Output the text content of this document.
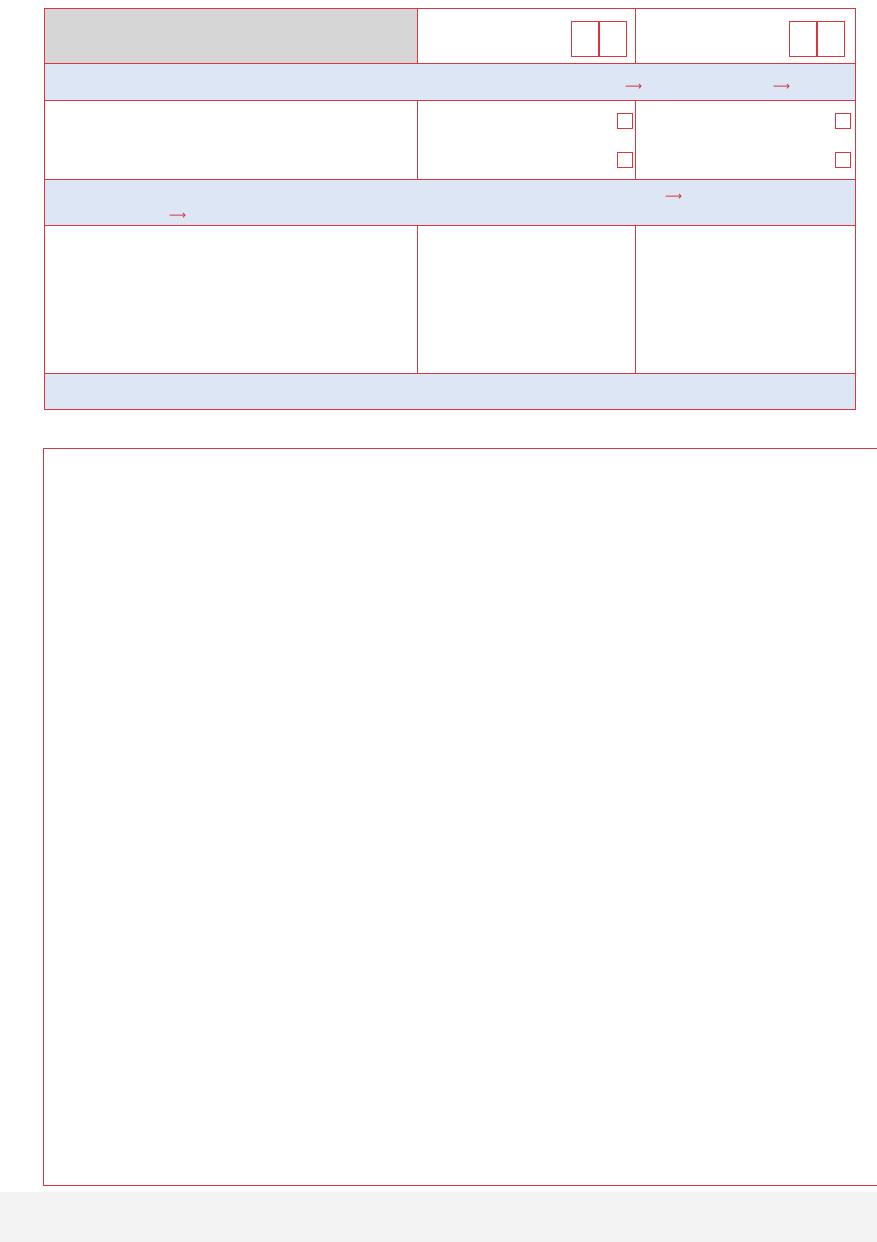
⟶	⟶
⟶
⟶
